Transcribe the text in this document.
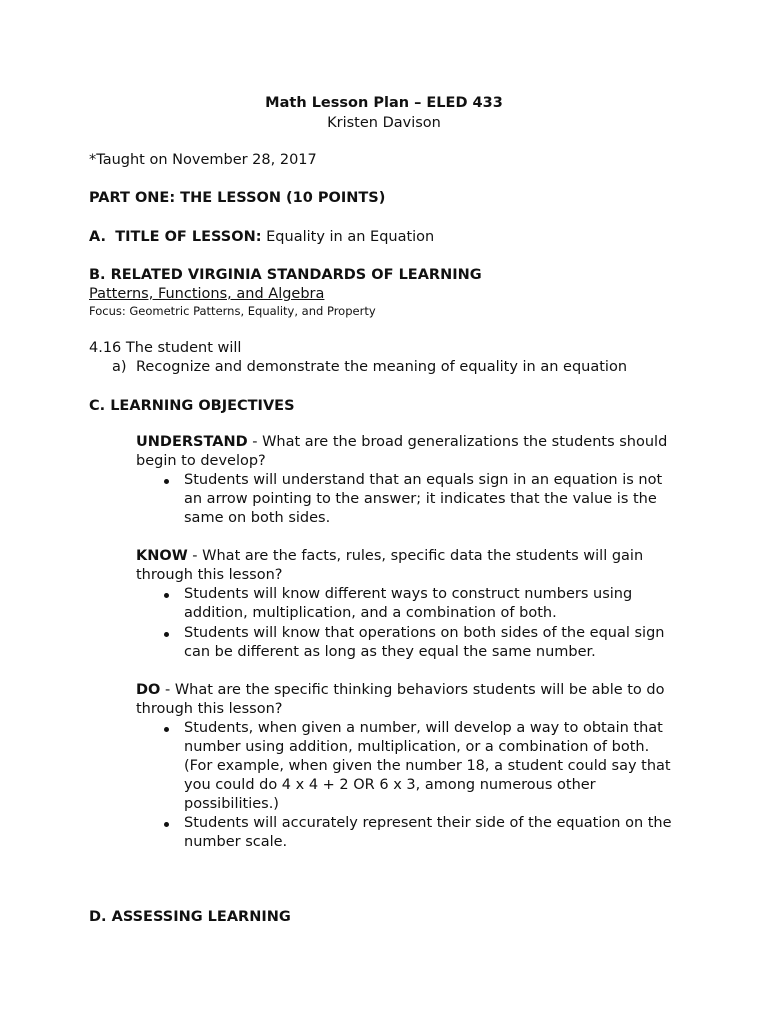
Math Lesson Plan – ELED 433
Kristen Davison
*Taught on November 28, 2017
PART ONE: THE LESSON (10 POINTS)
A. TITLE OF LESSON: Equality in an Equation
B. RELATED VIRGINIA STANDARDS OF LEARNING
Patterns, Functions, and Algebra
Focus: Geometric Patterns, Equality, and Property
4.16 The student will
a) Recognize and demonstrate the meaning of equality in an equation
C. LEARNING OBJECTIVES
UNDERSTAND - What are the broad generalizations the students should
begin to develop?
Students will understand that an equals sign in an equation is not
an arrow pointing to the answer; it indicates that the value is the
same on both sides.
KNOW - What are the facts, rules, specific data the students will gain
through this lesson?
Students will know different ways to construct numbers using
addition, multiplication, and a combination of both.
Students will know that operations on both sides of the equal sign
can be different as long as they equal the same number.
DO - What are the specific thinking behaviors students will be able to do
through this lesson?
Students, when given a number, will develop a way to obtain that
number using addition, multiplication, or a combination of both.
(For example, when given the number 18, a student could say that
you could do 4 x 4 + 2 OR 6 x 3, among numerous other
possibilities.)
Students will accurately represent their side of the equation on the
number scale.
D. ASSESSING LEARNING
